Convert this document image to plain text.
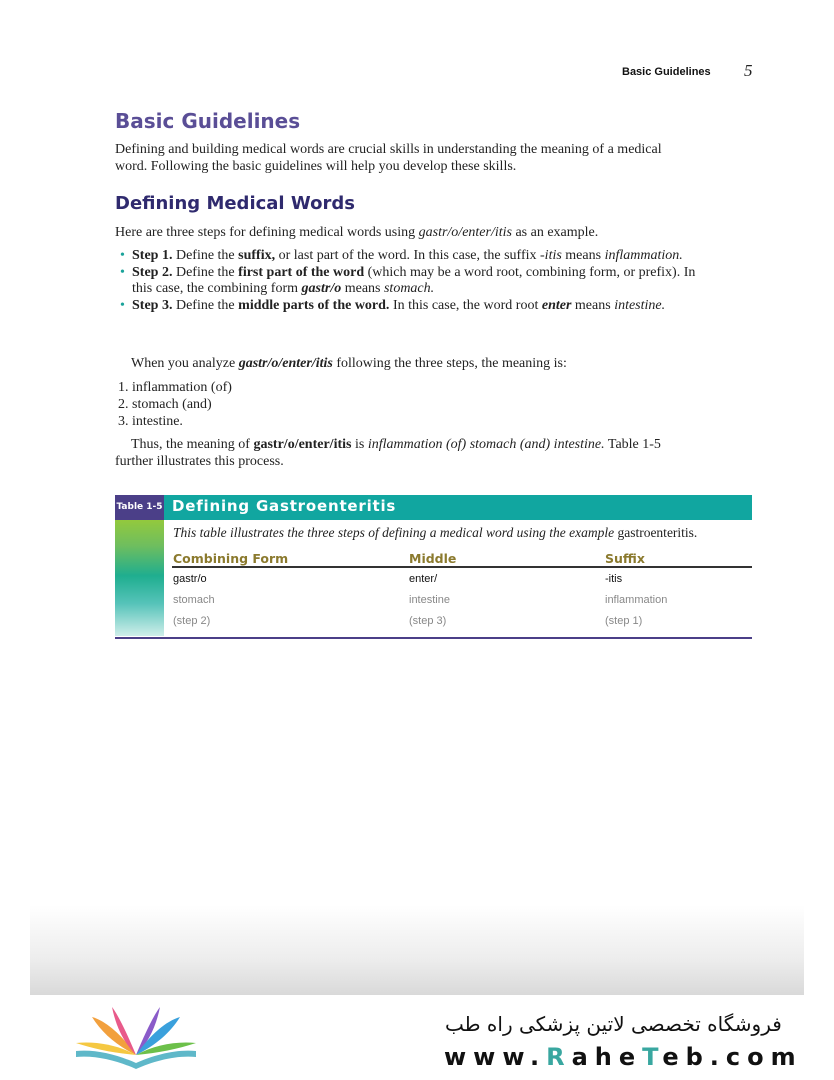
Basic Guidelines 5
Basic Guidelines
Defining and building medical words are crucial skills in understanding the meaning of a medical
word. Following the basic guidelines will help you develop these skills.
Defining Medical Words
Here are three steps for defining medical words using gastr/o/enter/itis as an example.
• Step 1. Define the suffix, or last part of the word. In this case, the suffix -itis means inflammation.
• Step 2. Define the first part of the word (which may be a word root, combining form, or prefix). In this case, the combining form gastr/o means stomach.
• Step 3. Define the middle parts of the word. In this case, the word root enter means intestine.
When you analyze gastr/o/enter/itis following the three steps, the meaning is:
1. inflammation (of)
2. stomach (and)
3. intestine.
Thus, the meaning of gastr/o/enter/itis is inflammation (of) stomach (and) intestine. Table 1-5
further illustrates this process.
Table 1-5 Defining Gastroenteritis
This table illustrates the three steps of defining a medical word using the example gastroenteritis.
Combining Form	Middle	Suffix
gastr/o	enter/	-itis
stomach	intestine	inflammation
(step 2)	(step 3)	(step 1)
فروشگاه تخصصی لاتین پزشکی راه طب
www.RaheTeb.com
